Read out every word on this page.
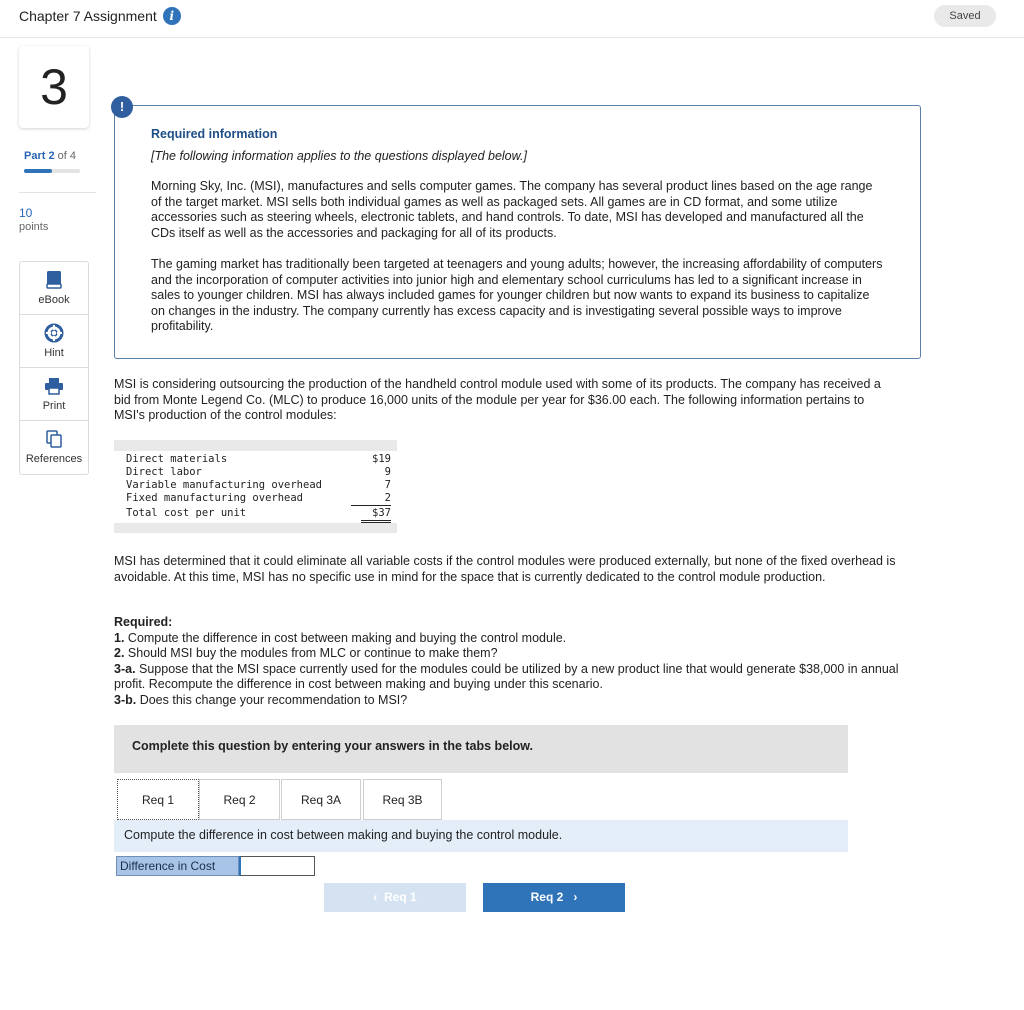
Chapter 7 Assignment	i	Saved
3
Part 2 of 4
10
points
eBook
Hint
Print
References
!
Required information
[The following information applies to the questions displayed below.]
Morning Sky, Inc. (MSI), manufactures and sells computer games. The company has several product lines based on the age range of the target market. MSI sells both individual games as well as packaged sets. All games are in CD format, and some utilize accessories such as steering wheels, electronic tablets, and hand controls. To date, MSI has developed and manufactured all the CDs itself as well as the accessories and packaging for all of its products.
The gaming market has traditionally been targeted at teenagers and young adults; however, the increasing affordability of computers and the incorporation of computer activities into junior high and elementary school curriculums has led to a significant increase in sales to younger children. MSI has always included games for younger children but now wants to expand its business to capitalize on changes in the industry. The company currently has excess capacity and is investigating several possible ways to improve profitability.
MSI is considering outsourcing the production of the handheld control module used with some of its products. The company has received a bid from Monte Legend Co. (MLC) to produce 16,000 units of the module per year for $36.00 each. The following information pertains to MSI's production of the control modules:
Direct materials	$19
Direct labor	9
Variable manufacturing overhead	7
Fixed manufacturing overhead	2
Total cost per unit	$37
MSI has determined that it could eliminate all variable costs if the control modules were produced externally, but none of the fixed overhead is avoidable. At this time, MSI has no specific use in mind for the space that is currently dedicated to the control module production.
Required:
1. Compute the difference in cost between making and buying the control module.
2. Should MSI buy the modules from MLC or continue to make them?
3-a. Suppose that the MSI space currently used for the modules could be utilized by a new product line that would generate $38,000 in annual profit. Recompute the difference in cost between making and buying under this scenario.
3-b. Does this change your recommendation to MSI?
Complete this question by entering your answers in the tabs below.
Req 1	Req 2	Req 3A	Req 3B
Compute the difference in cost between making and buying the control module.
Difference in Cost
‹ Req 1	Req 2 ›
